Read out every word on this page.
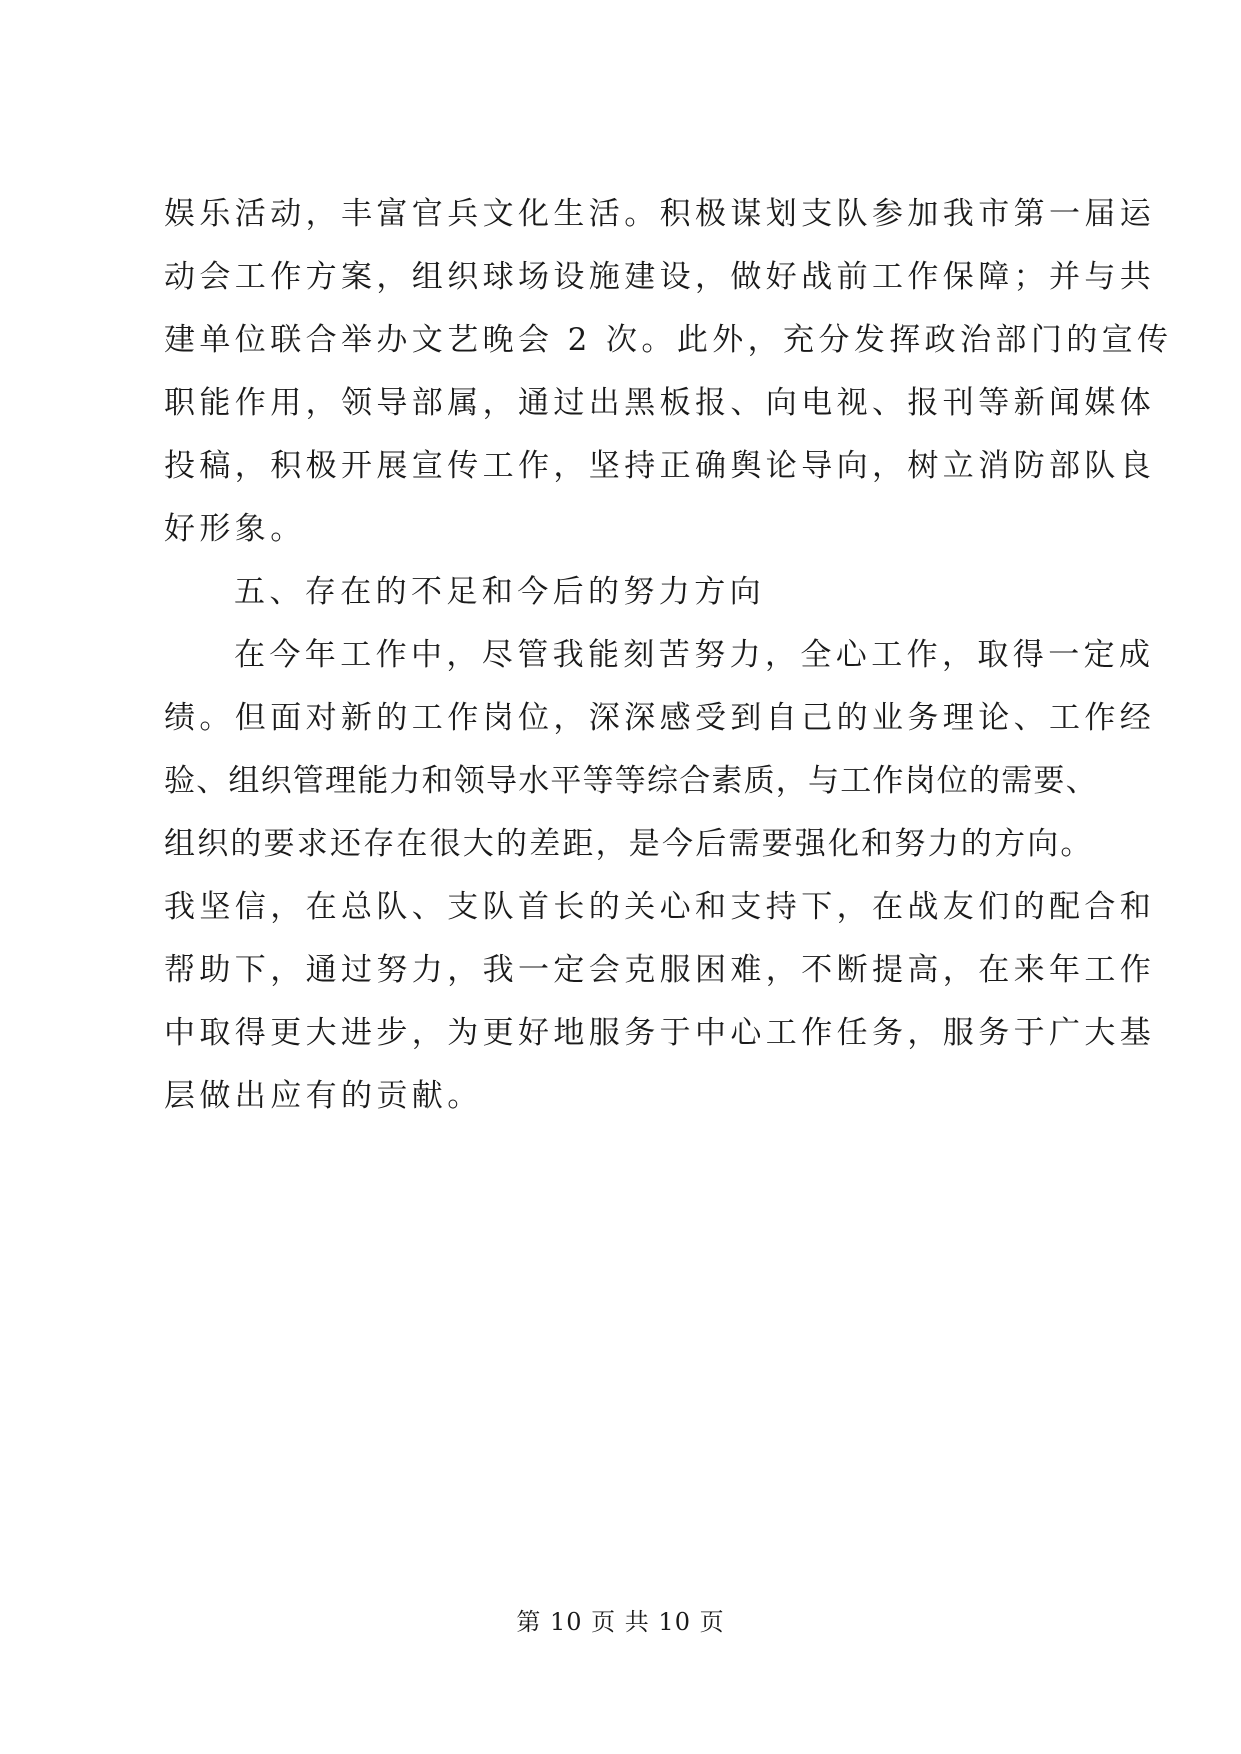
娱乐活动，丰富官兵文化生活。积极谋划支队参加我市第一届运
动会工作方案，组织球场设施建设，做好战前工作保障；并与共
建单位联合举办文艺晚会 2 次。此外，充分发挥政治部门的宣传
职能作用，领导部属，通过出黑板报、向电视、报刊等新闻媒体
投稿，积极开展宣传工作，坚持正确舆论导向，树立消防部队良
好形象。
五、存在的不足和今后的努力方向
在今年工作中，尽管我能刻苦努力，全心工作，取得一定成
绩。但面对新的工作岗位，深深感受到自己的业务理论、工作经
验、组织管理能力和领导水平等等综合素质，与工作岗位的需要、
组织的要求还存在很大的差距，是今后需要强化和努力的方向。
我坚信，在总队、支队首长的关心和支持下，在战友们的配合和
帮助下，通过努力，我一定会克服困难，不断提高，在来年工作
中取得更大进步，为更好地服务于中心工作任务，服务于广大基
层做出应有的贡献。
第 10 页 共 10 页
